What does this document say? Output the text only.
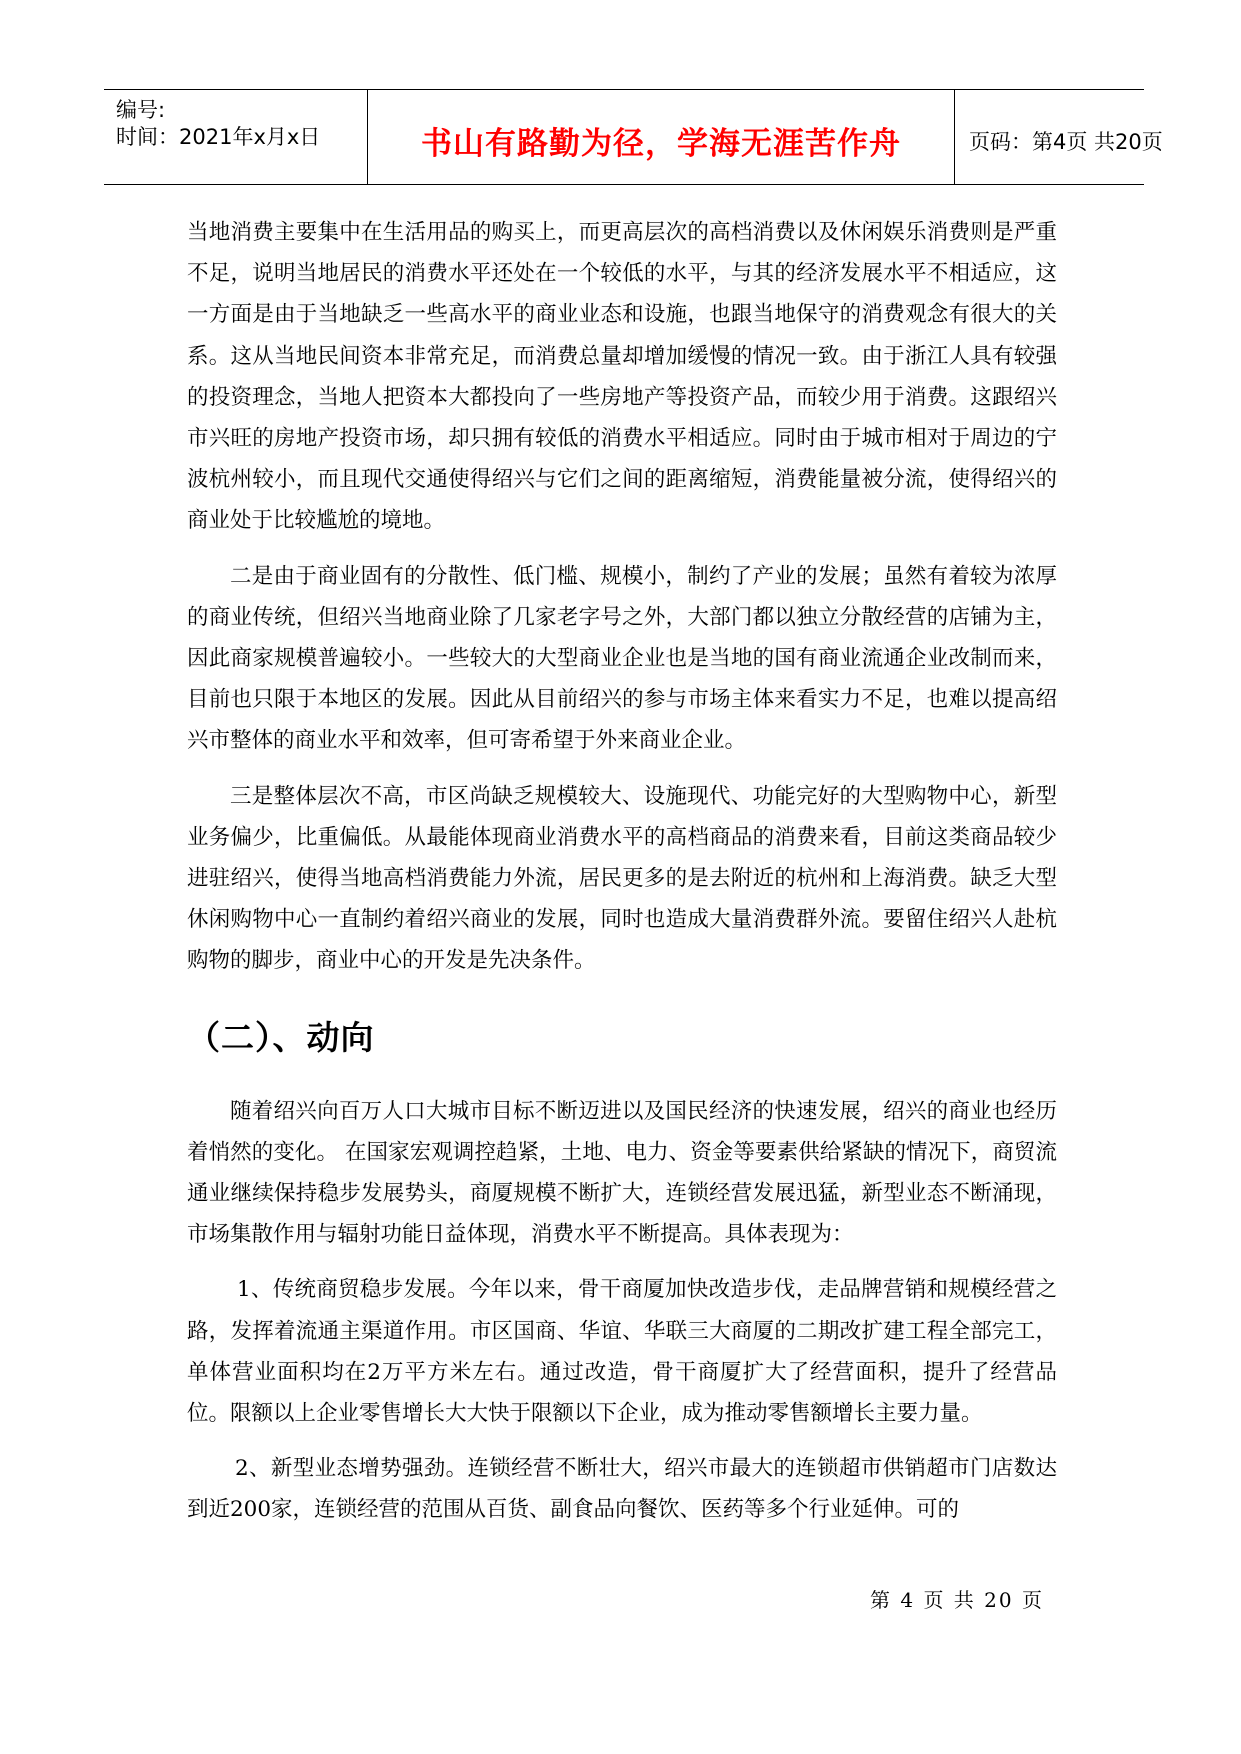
编号:
时间：2021年x月x日	书山有路勤为径，学海无涯苦作舟	页码：第4页 共20页

当地消费主要集中在生活用品的购买上，而更高层次的高档消费以及休闲娱乐消费则是严重不足，说明当地居民的消费水平还处在一个较低的水平，与其的经济发展水平不相适应，这一方面是由于当地缺乏一些高水平的商业业态和设施，也跟当地保守的消费观念有很大的关系。这从当地民间资本非常充足，而消费总量却增加缓慢的情况一致。由于浙江人具有较强的投资理念，当地人把资本大都投向了一些房地产等投资产品，而较少用于消费。这跟绍兴市兴旺的房地产投资市场，却只拥有较低的消费水平相适应。同时由于城市相对于周边的宁波杭州较小，而且现代交通使得绍兴与它们之间的距离缩短，消费能量被分流，使得绍兴的商业处于比较尴尬的境地。

二是由于商业固有的分散性、低门槛、规模小，制约了产业的发展；虽然有着较为浓厚的商业传统，但绍兴当地商业除了几家老字号之外，大部门都以独立分散经营的店铺为主，因此商家规模普遍较小。一些较大的大型商业企业也是当地的国有商业流通企业改制而来，目前也只限于本地区的发展。因此从目前绍兴的参与市场主体来看实力不足，也难以提高绍兴市整体的商业水平和效率，但可寄希望于外来商业企业。

三是整体层次不高，市区尚缺乏规模较大、设施现代、功能完好的大型购物中心，新型业务偏少，比重偏低。从最能体现商业消费水平的高档商品的消费来看，目前这类商品较少进驻绍兴，使得当地高档消费能力外流，居民更多的是去附近的杭州和上海消费。缺乏大型休闲购物中心一直制约着绍兴商业的发展，同时也造成大量消费群外流。要留住绍兴人赴杭购物的脚步，商业中心的开发是先决条件。

（二）、动向

随着绍兴向百万人口大城市目标不断迈进以及国民经济的快速发展，绍兴的商业也经历着悄然的变化。 在国家宏观调控趋紧，土地、电力、资金等要素供给紧缺的情况下，商贸流通业继续保持稳步发展势头，商厦规模不断扩大，连锁经营发展迅猛，新型业态不断涌现，市场集散作用与辐射功能日益体现，消费水平不断提高。具体表现为：

1、传统商贸稳步发展。今年以来，骨干商厦加快改造步伐，走品牌营销和规模经营之路，发挥着流通主渠道作用。市区国商、华谊、华联三大商厦的二期改扩建工程全部完工，单体营业面积均在2万平方米左右。通过改造，骨干商厦扩大了经营面积，提升了经营品位。限额以上企业零售增长大大快于限额以下企业，成为推动零售额增长主要力量。

2、新型业态增势强劲。连锁经营不断壮大，绍兴市最大的连锁超市供销超市门店数达到近200家，连锁经营的范围从百货、副食品向餐饮、医药等多个行业延伸。可的

第 4 页 共 20 页
